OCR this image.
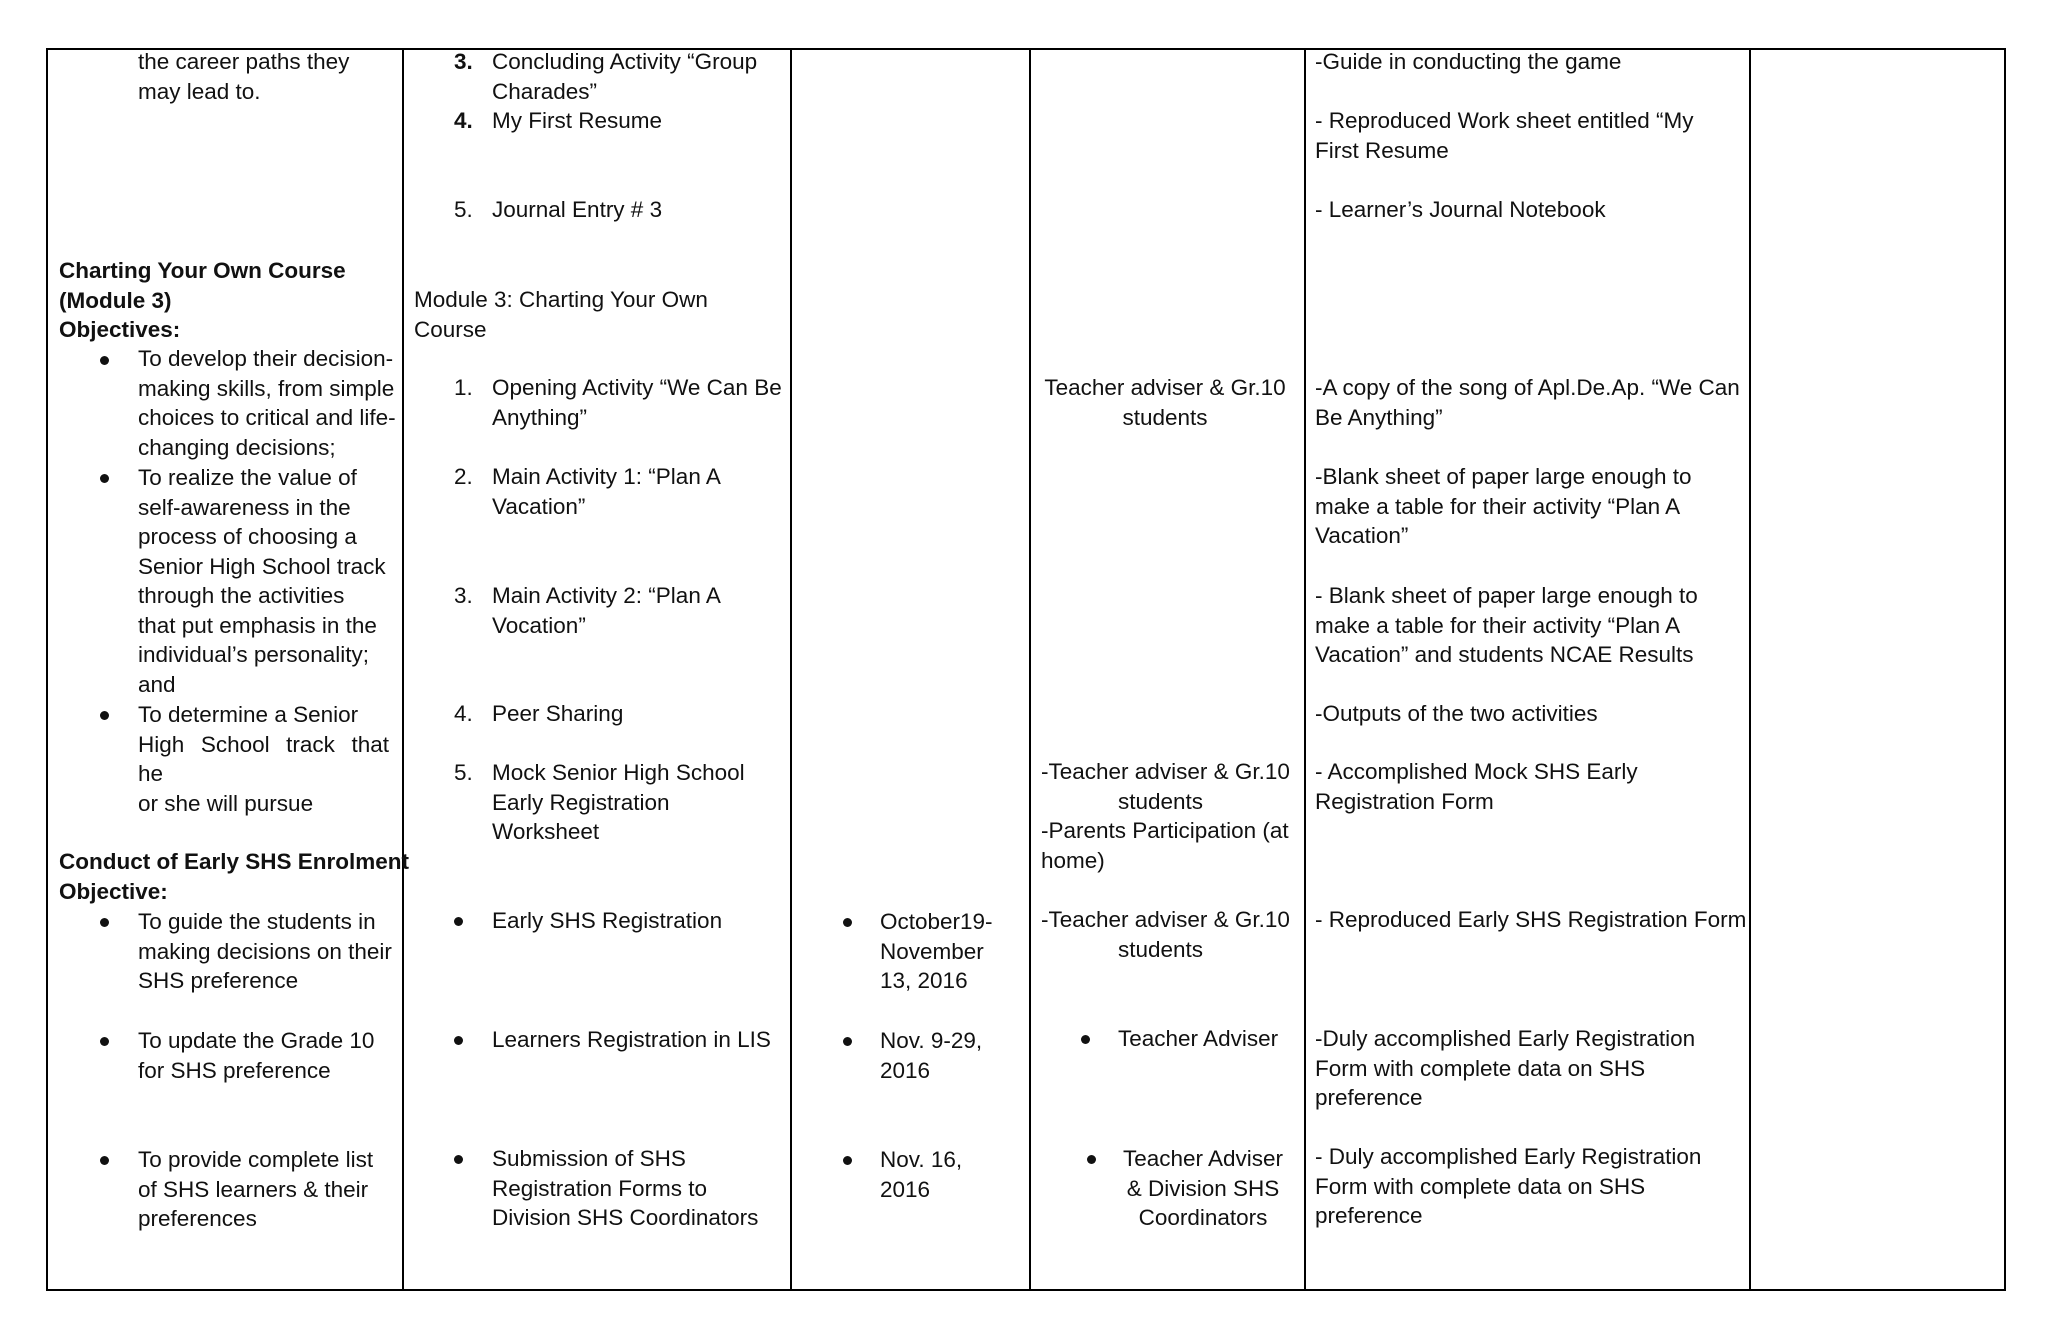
the career paths they
may lead to.
Charting Your Own Course
(Module 3)
Objectives:
To develop their decision-
making skills, from simple
choices to critical and life-
changing decisions;
To realize the value of
self-awareness in the
process of choosing a
Senior High School track
through the activities
that put emphasis in the
individual’s personality;
and
To determine a Senior
High School track that he
or she will pursue
Conduct of Early SHS Enrolment
Objective:
To guide the students in
making decisions on their
SHS preference
To update the Grade 10
for SHS preference
To provide complete list
of SHS learners & their
preferences
3. Concluding Activity “Group
Charades”
4. My First Resume
5. Journal Entry # 3
Module 3: Charting Your Own
Course
1. Opening Activity “We Can Be
Anything”
2. Main Activity 1: “Plan A
Vacation”
3. Main Activity 2: “Plan A
Vocation”
4. Peer Sharing
5. Mock Senior High School
Early Registration
Worksheet
Early SHS Registration
Learners Registration in LIS
Submission of SHS
Registration Forms to
Division SHS Coordinators
October19-
November
13, 2016
Nov. 9-29,
2016
Nov. 16,
2016
Teacher adviser & Gr.10
students
-Teacher adviser & Gr.10
students
-Parents Participation (at
home)
-Teacher adviser & Gr.10
students
Teacher Adviser
Teacher Adviser
& Division SHS
Coordinators
-Guide in conducting the game
- Reproduced Work sheet entitled “My
First Resume
- Learner’s Journal Notebook
-A copy of the song of Apl.De.Ap. “We Can
Be Anything”
-Blank sheet of paper large enough to
make a table for their activity “Plan A
Vacation”
- Blank sheet of paper large enough to
make a table for their activity “Plan A
Vacation” and students NCAE Results
-Outputs of the two activities
- Accomplished Mock SHS Early
Registration Form
- Reproduced Early SHS Registration Form
-Duly accomplished Early Registration
Form with complete data on SHS
preference
- Duly accomplished Early Registration
Form with complete data on SHS
preference
